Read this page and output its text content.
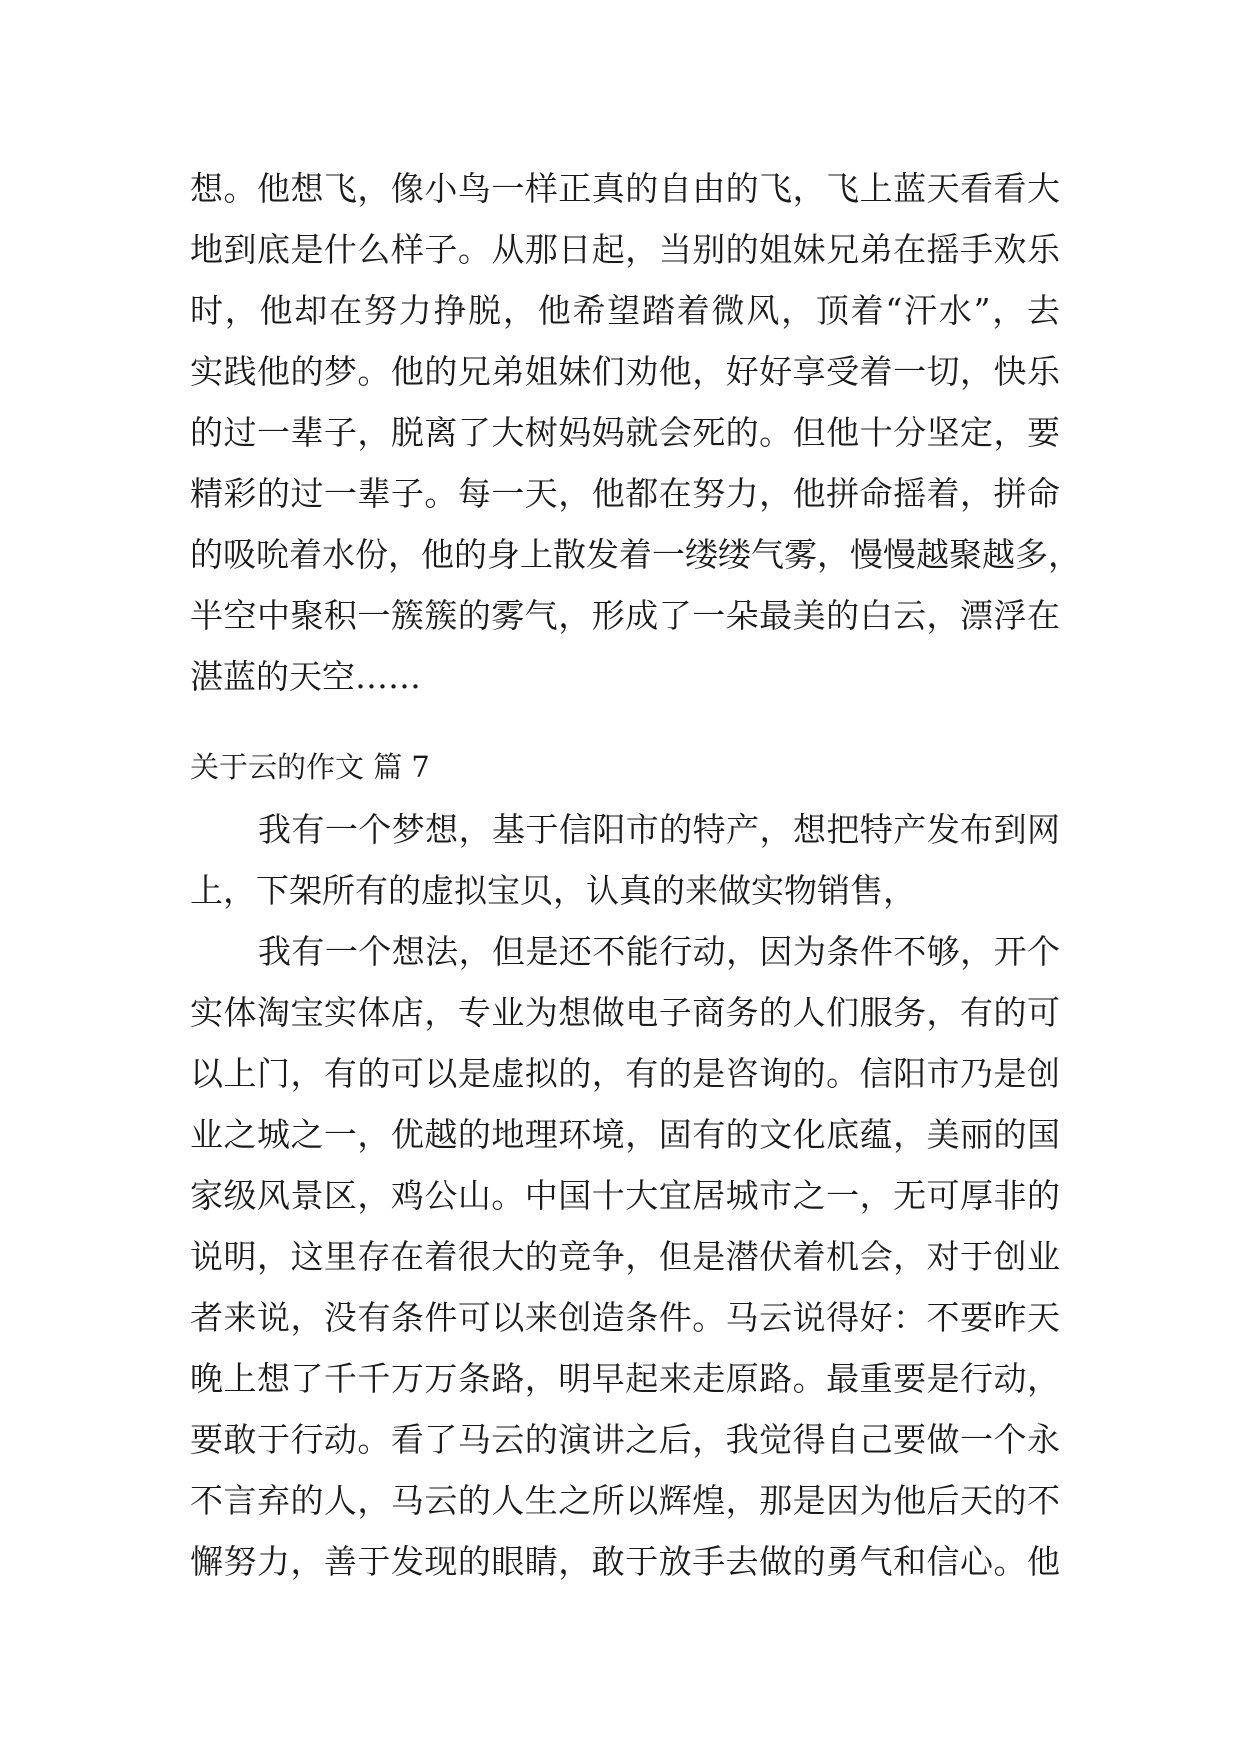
想。他想飞，像小鸟一样正真的自由的飞，飞上蓝天看看大
地到底是什么样子。从那日起，当别的姐妹兄弟在摇手欢乐
时，他却在努力挣脱，他希望踏着微风，顶着“汗水”，去
实践他的梦。他的兄弟姐妹们劝他，好好享受着一切，快乐
的过一辈子，脱离了大树妈妈就会死的。但他十分坚定，要
精彩的过一辈子。每一天，他都在努力，他拼命摇着，拼命
的吸吮着水份，他的身上散发着一缕缕气雾，慢慢越聚越多，
半空中聚积一簇簇的雾气，形成了一朵最美的白云，漂浮在
湛蓝的天空……
关于云的作文 篇 7
我有一个梦想，基于信阳市的特产，想把特产发布到网
上，下架所有的虚拟宝贝，认真的来做实物销售，
我有一个想法，但是还不能行动，因为条件不够，开个
实体淘宝实体店，专业为想做电子商务的人们服务，有的可
以上门，有的可以是虚拟的，有的是咨询的。信阳市乃是创
业之城之一，优越的地理环境，固有的文化底蕴，美丽的国
家级风景区，鸡公山。中国十大宜居城市之一，无可厚非的
说明，这里存在着很大的竞争，但是潜伏着机会，对于创业
者来说，没有条件可以来创造条件。马云说得好：不要昨天
晚上想了千千万万条路，明早起来走原路。最重要是行动，
要敢于行动。看了马云的演讲之后，我觉得自己要做一个永
不言弃的人，马云的人生之所以辉煌，那是因为他后天的不
懈努力，善于发现的眼睛，敢于放手去做的勇气和信心。他
